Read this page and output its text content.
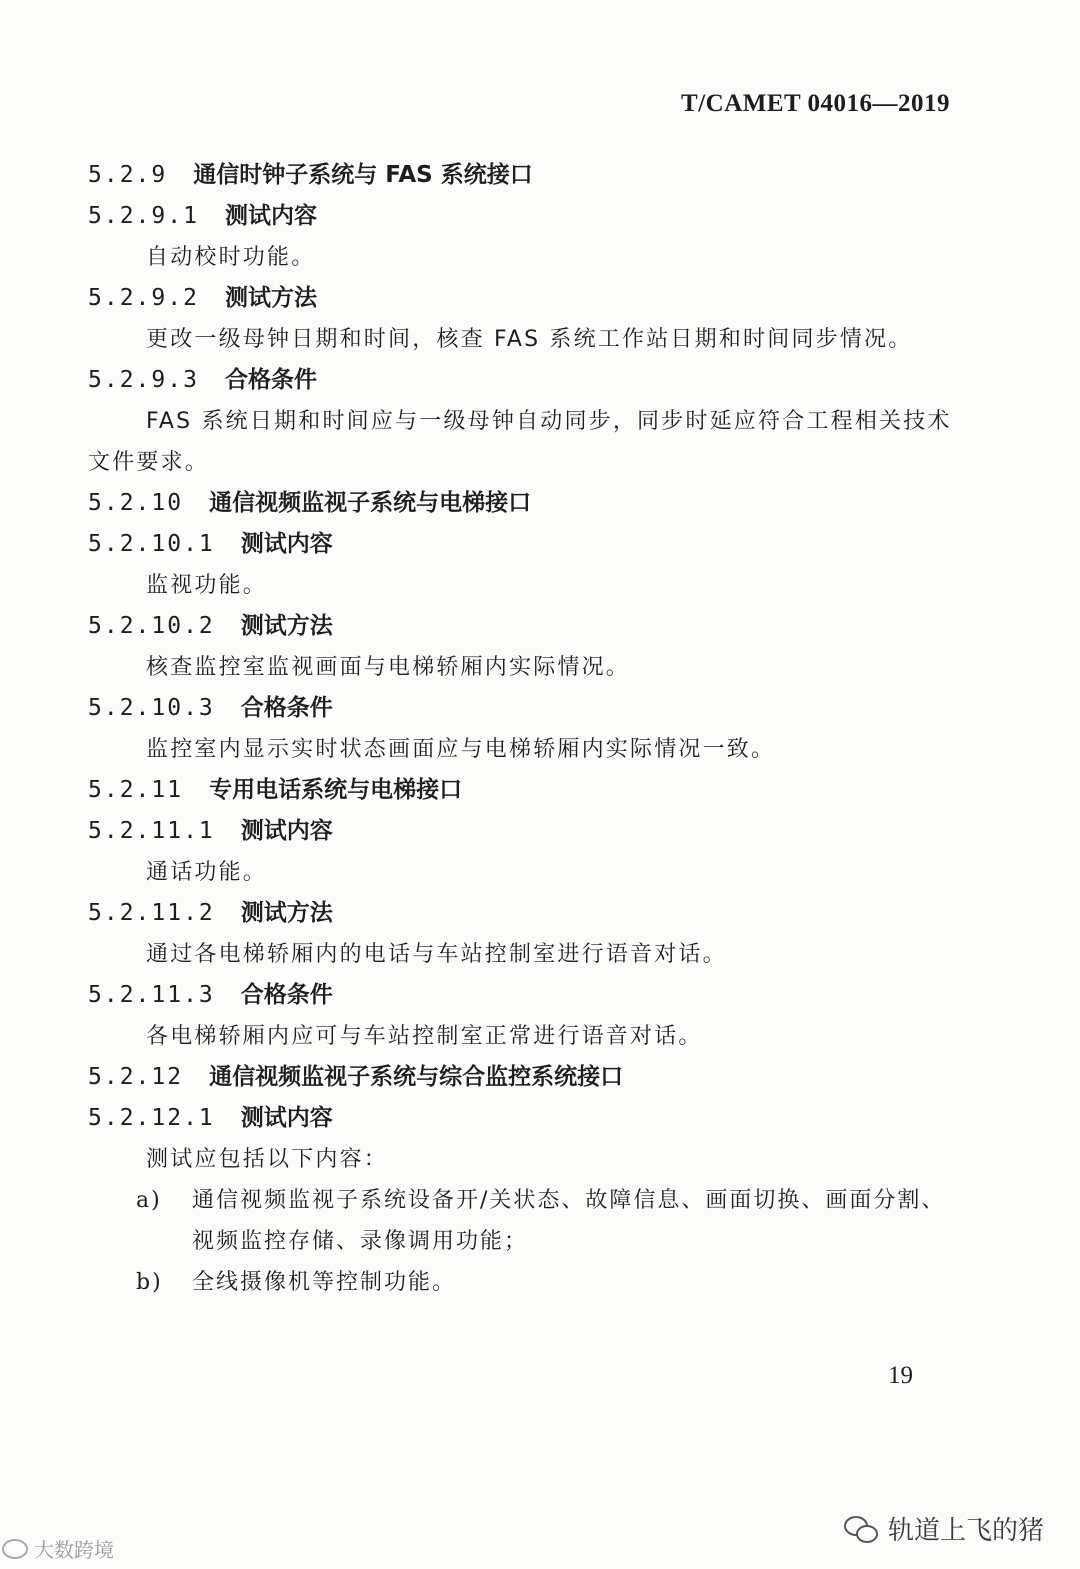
T/CAMET 04016—2019
5.2.9 通信时钟子系统与 FAS 系统接口
5.2.9.1 测试内容
自动校时功能。
5.2.9.2 测试方法
更改一级母钟日期和时间，核查 FAS 系统工作站日期和时间同步情况。
5.2.9.3 合格条件
FAS 系统日期和时间应与一级母钟自动同步，同步时延应符合工程相关技术文件要求。
5.2.10 通信视频监视子系统与电梯接口
5.2.10.1 测试内容
监视功能。
5.2.10.2 测试方法
核查监控室监视画面与电梯轿厢内实际情况。
5.2.10.3 合格条件
监控室内显示实时状态画面应与电梯轿厢内实际情况一致。
5.2.11 专用电话系统与电梯接口
5.2.11.1 测试内容
通话功能。
5.2.11.2 测试方法
通过各电梯轿厢内的电话与车站控制室进行语音对话。
5.2.11.3 合格条件
各电梯轿厢内应可与车站控制室正常进行语音对话。
5.2.12 通信视频监视子系统与综合监控系统接口
5.2.12.1 测试内容
测试应包括以下内容：
a)	通信视频监视子系统设备开/关状态、故障信息、画面切换、画面分割、视频监控存储、录像调用功能；
b)	全线摄像机等控制功能。
19
大数跨境
轨道上飞的猪
